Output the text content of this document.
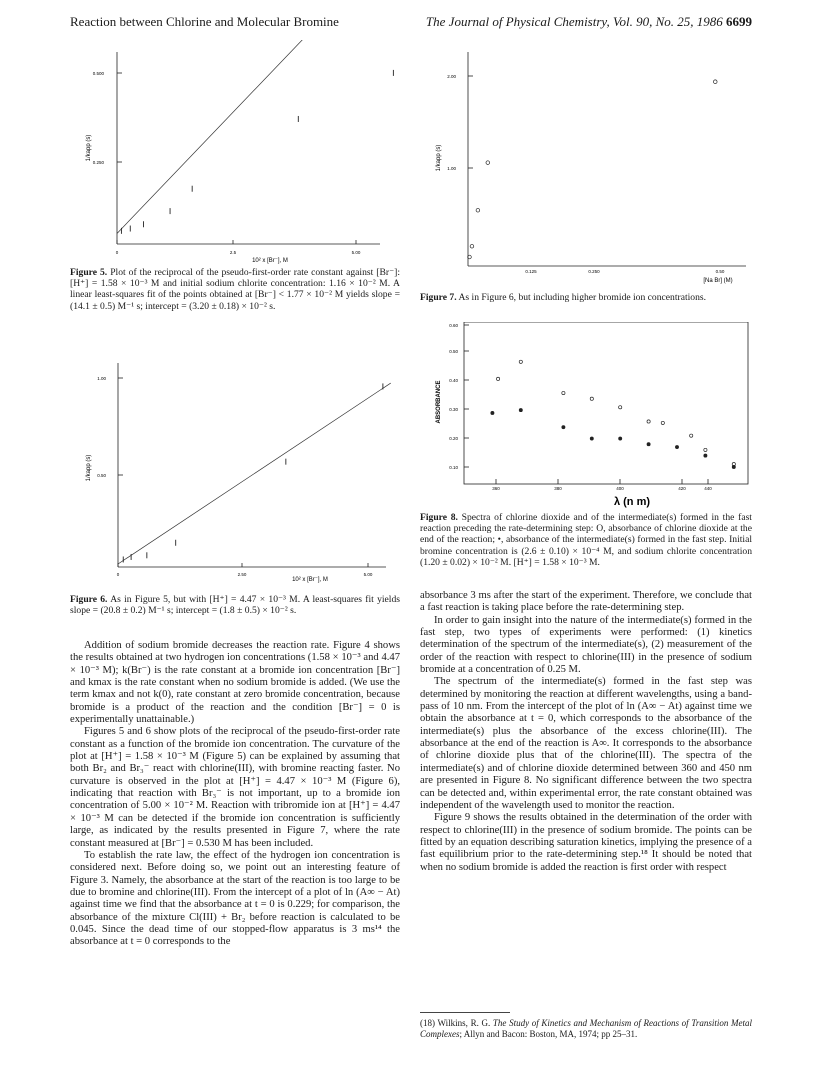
Reaction between Chlorine and Molecular Bromine	The Journal of Physical Chemistry, Vol. 90, No. 25, 1986 6699
0.500
0.250
0	2.5	5.00
10² x [Br⁻], M
1/kapp (s)
Figure 5. Plot of the reciprocal of the pseudo-first-order rate constant against [Br⁻]: [H⁺] = 1.58 × 10⁻³ M and initial sodium chlorite concentration: 1.16 × 10⁻² M. A linear least-squares fit of the points obtained at [Br⁻] < 1.77 × 10⁻² M yields slope = (14.1 ± 0.5) M⁻¹ s; intercept = (3.20 ± 0.18) × 10⁻² s.
1.00
0.50
0	2.50	5.00
10² x [Br⁻], M
1/kapp (s)
Figure 6. As in Figure 5, but with [H⁺] = 4.47 × 10⁻³ M. A least-squares fit yields slope = (20.8 ± 0.2) M⁻¹ s; intercept = (1.8 ± 0.5) × 10⁻² s.

Addition of sodium bromide decreases the reaction rate. Figure 4 shows the results obtained at two hydrogen ion concentrations (1.58 × 10⁻³ and 4.47 × 10⁻³ M); k(Br⁻) is the rate constant at a bromide ion concentration [Br⁻] and kmax is the rate constant when no sodium bromide is added. (We use the term kmax and not k(0), rate constant at zero bromide concentration, because bromide is a product of the reaction and the condition [Br⁻] = 0 is experimentally unattainable.)

Figures 5 and 6 show plots of the reciprocal of the pseudo-first-order rate constant as a function of the bromide ion concentration. The curvature of the plot at [H⁺] = 1.58 × 10⁻³ M (Figure 5) can be explained by assuming that both Br₂ and Br₃⁻ react with chlorine(III), with bromine reacting faster. No curvature is observed in the plot at [H⁺] = 4.47 × 10⁻³ M (Figure 6), indicating that reaction with Br₃⁻ is not important, up to a bromide ion concentration of 5.00 × 10⁻² M. Reaction with tribromide ion at [H⁺] = 4.47 × 10⁻³ M can be detected if the bromide ion concentration is sufficiently large, as indicated by the results presented in Figure 7, where the rate constant measured at [Br⁻] = 0.530 M has been included.

To establish the rate law, the effect of the hydrogen ion concentration is considered next. Before doing so, we point out an interesting feature of Figure 3. Namely, the absorbance at the start of the reaction is too large to be due to bromine and chlorine(III). From the intercept of a plot of ln (A∞ − At) against time we find that the absorbance at t = 0 is 0.229; for comparison, the absorbance of the mixture Cl(III) + Br₂ before reaction is calculated to be 0.045. Since the dead time of our stopped-flow apparatus is 3 ms¹⁴ the absorbance at t = 0 corresponds to the

2.00
1.00
1/kapp (s)
0.125	0.250	0.50
[Na Br] (M)
Figure 7. As in Figure 6, but including higher bromide ion concentrations.
0.60
0.50
0.40
0.30
0.20
0.10
360	380	400	420	440
λ (n m)
ABSORBANCE
Figure 8. Spectra of chlorine dioxide and of the intermediate(s) formed in the fast reaction preceding the rate-determining step: O, absorbance of chlorine dioxide at the end of the reaction; •, absorbance of the intermediate(s) formed in the fast step. Initial bromine concentration is (2.6 ± 0.10) × 10⁻⁴ M, and sodium chlorite concentration (1.20 ± 0.02) × 10⁻² M. [H⁺] = 1.58 × 10⁻³ M.

absorbance 3 ms after the start of the experiment. Therefore, we conclude that a fast reaction is taking place before the rate-determining step.

In order to gain insight into the nature of the intermediate(s) formed in the fast step, two types of experiments were performed: (1) kinetics determination of the spectrum of the intermediate(s), (2) measurement of the order of the reaction with respect to chlorine(III) in the presence of sodium bromide at a concentration of 0.25 M.

The spectrum of the intermediate(s) formed in the fast step was determined by monitoring the reaction at different wavelengths, using a band-pass of 10 nm. From the intercept of the plot of ln (A∞ − At) against time we obtain the absorbance at t = 0, which corresponds to the absorbance of the intermediate(s) plus the absorbance of the excess chlorine(III). The absorbance at the end of the reaction is A∞. It corresponds to the absorbance of chlorine dioxide plus that of the chlorine(III). The spectra of the intermediate(s) and of chlorine dioxide determined between 360 and 450 nm are presented in Figure 8. No significant difference between the two spectra can be detected and, within experimental error, the rate constant obtained was independent of the wavelength used to monitor the reaction.

Figure 9 shows the results obtained in the determination of the order with respect to chlorine(III) in the presence of sodium bromide. The points can be fitted by an equation describing saturation kinetics, implying the presence of a fast equilibrium prior to the rate-determining step.¹⁸ It should be noted that when no sodium bromide is added the reaction is first order with respect

(18) Wilkins, R. G. The Study of Kinetics and Mechanism of Reactions of Transition Metal Complexes; Allyn and Bacon: Boston, MA, 1974; pp 25–31.
